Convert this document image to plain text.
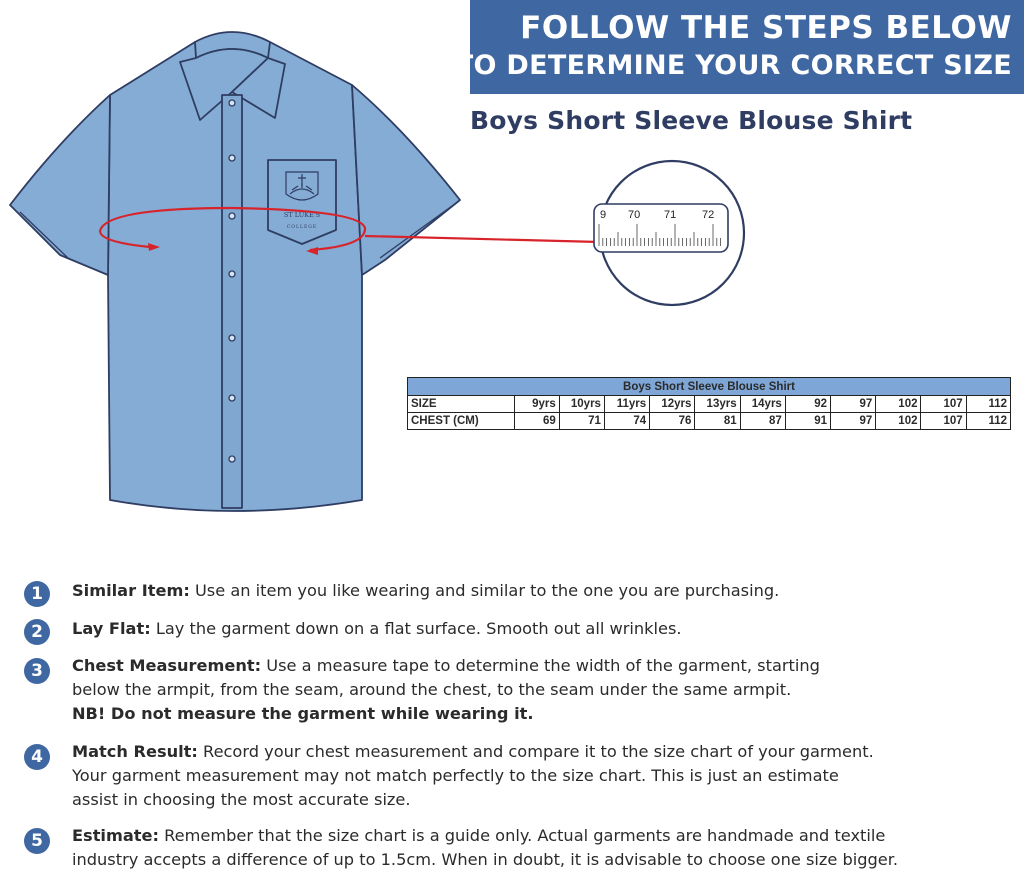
FOLLOW THE STEPS BELOW
TO DETERMINE YOUR CORRECT SIZE
Boys Short Sleeve Blouse Shirt
ST LUKE'S
COLLEGE
9 70 71 72
Boys Short Sleeve Blouse Shirt											
SIZE	9yrs	10yrs	11yrs	12yrs	13yrs	14yrs	92	97	102	107	112
CHEST (CM)	69	71	74	76	81	87	91	97	102	107	112
1	Similar Item: Use an item you like wearing and similar to the one you are purchasing.
2	Lay Flat: Lay the garment down on a flat surface. Smooth out all wrinkles.
3	Chest Measurement: Use a measure tape to determine the width of the garment, starting
below the armpit, from the seam, around the chest, to the seam under the same armpit.
NB! Do not measure the garment while wearing it.
4	Match Result: Record your chest measurement and compare it to the size chart of your garment.
Your garment measurement may not match perfectly to the size chart. This is just an estimate
assist in choosing the most accurate size.
5	Estimate: Remember that the size chart is a guide only. Actual garments are handmade and textile
industry accepts a difference of up to 1.5cm. When in doubt, it is advisable to choose one size bigger.
